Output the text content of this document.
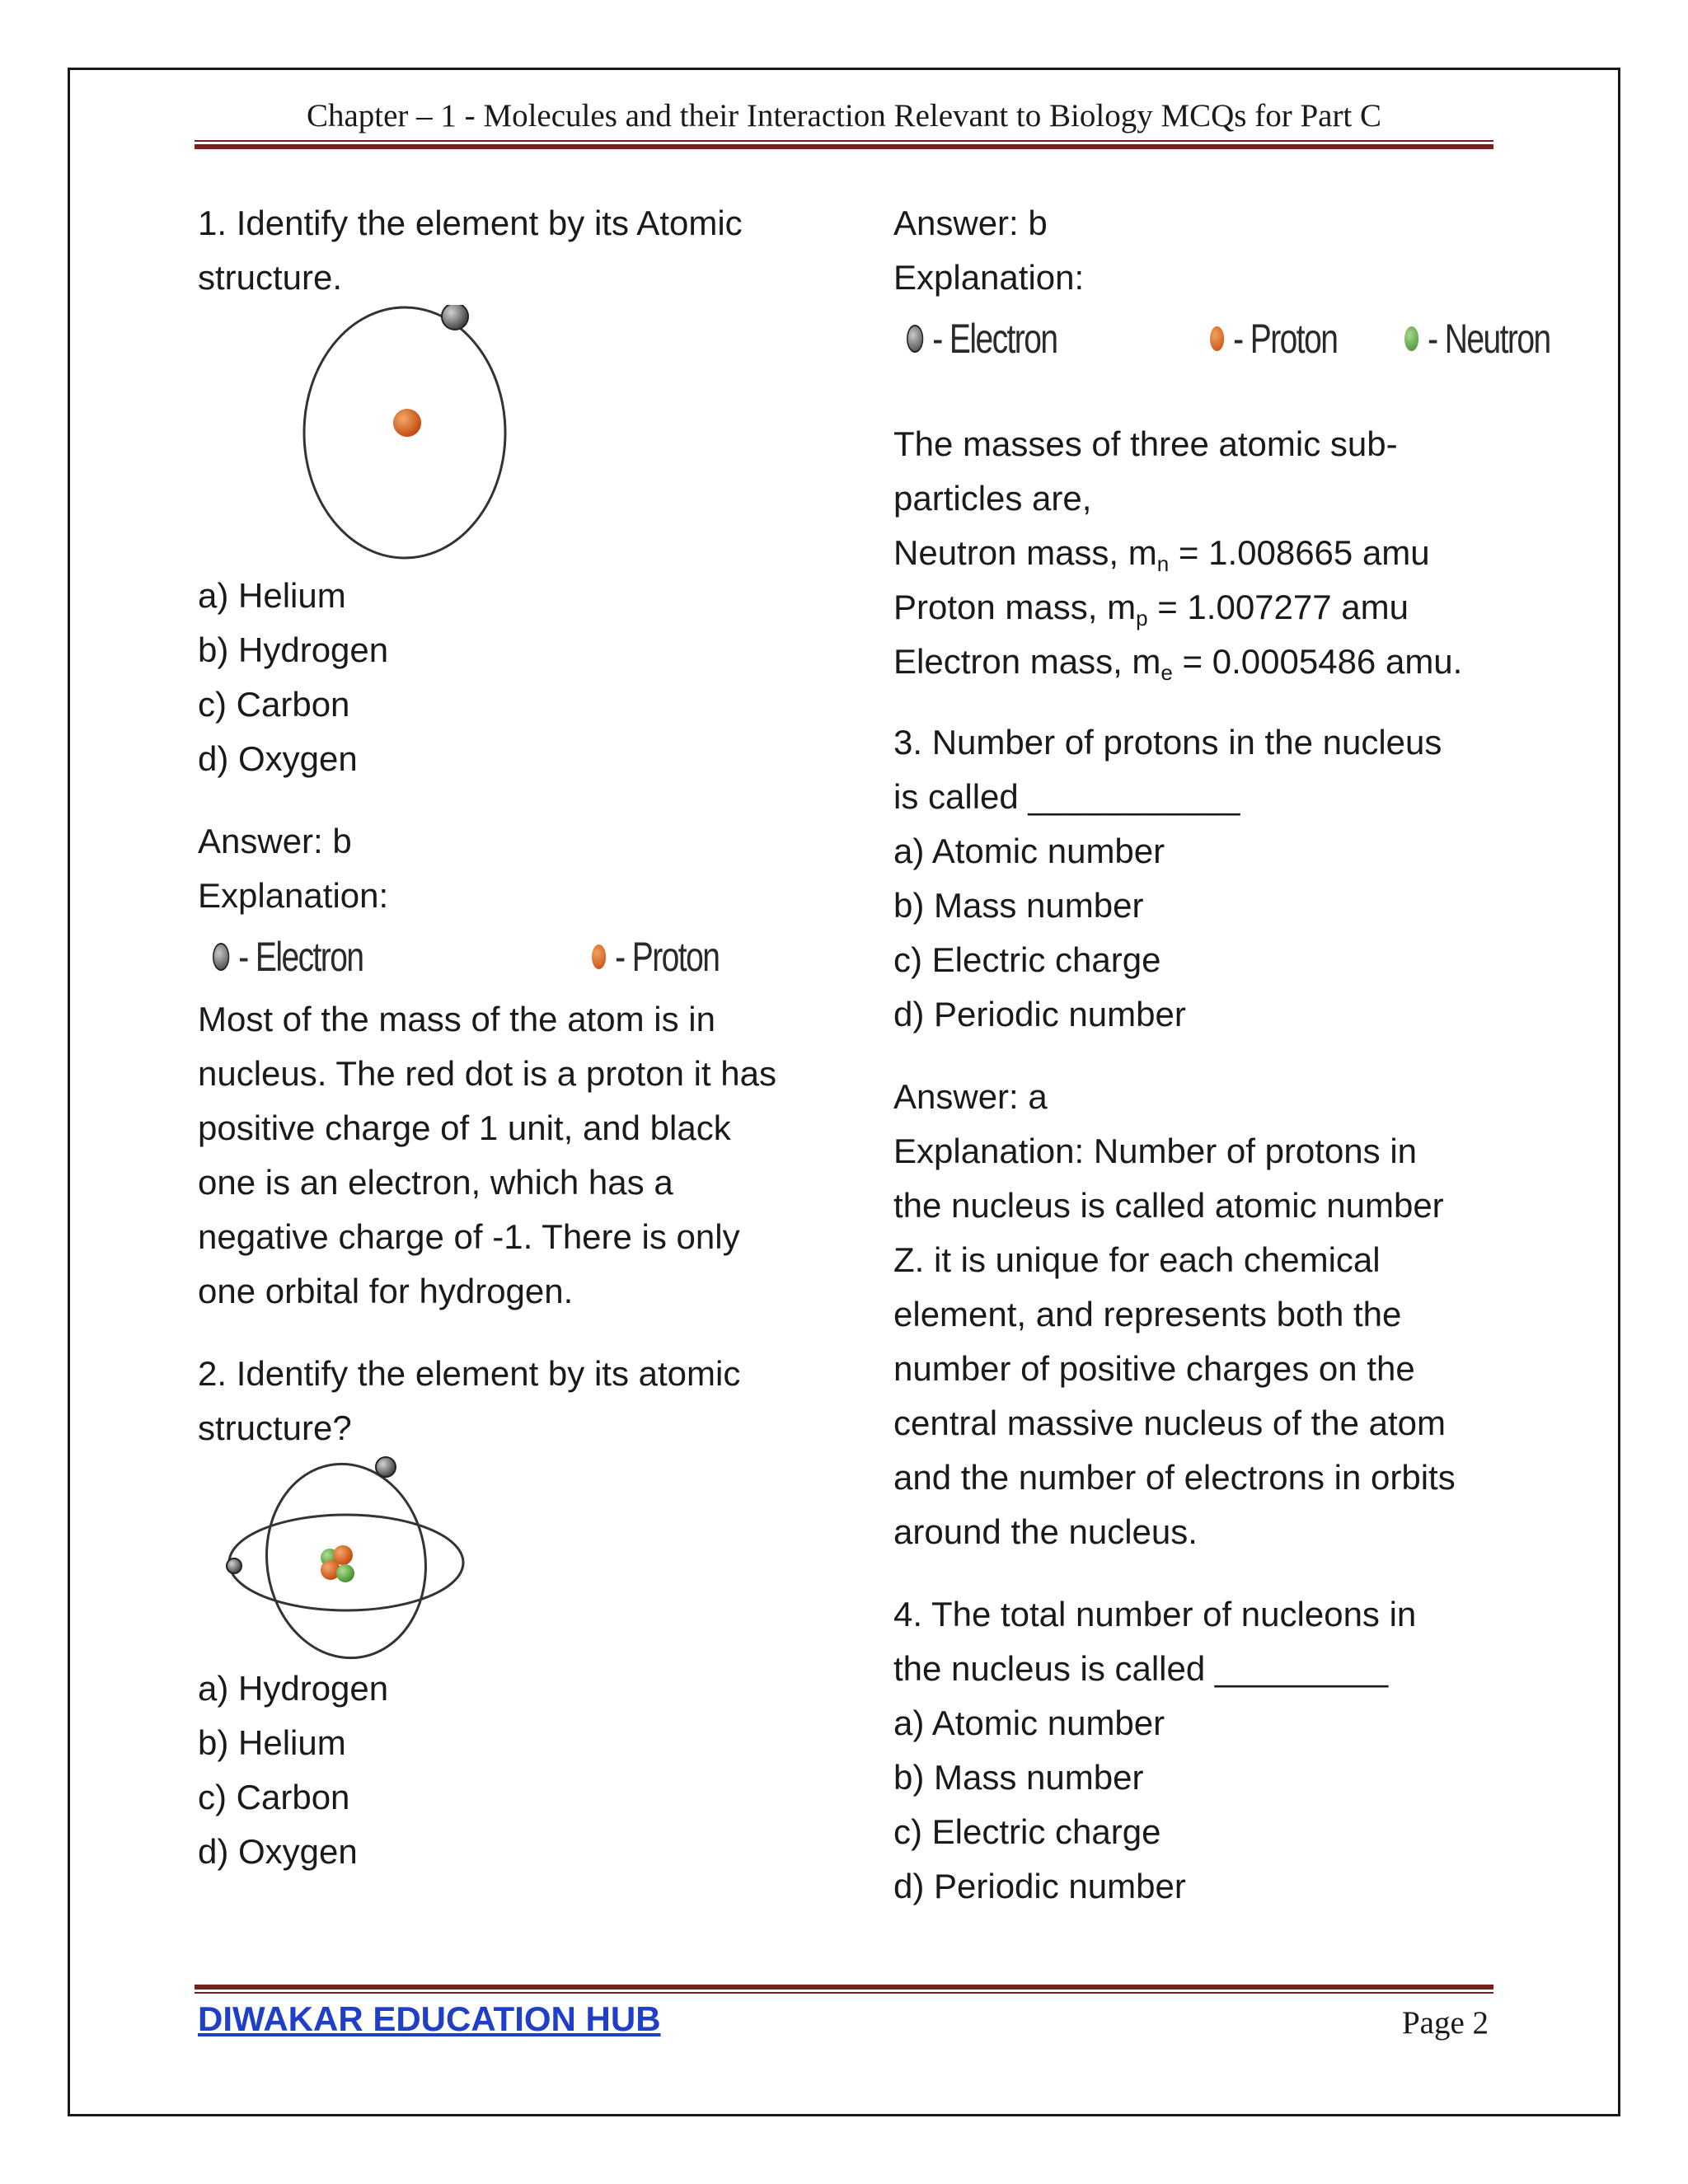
Chapter – 1 - Molecules and their Interaction Relevant to Biology MCQs for Part C

1. Identify the element by its Atomic

structure.

a) Helium

b) Hydrogen

c) Carbon

d) Oxygen

Answer: b

Explanation:

- Electron	- Proton

Most of the mass of the atom is in

nucleus. The red dot is a proton it has

positive charge of 1 unit, and black

one is an electron, which has a

negative charge of -1. There is only

one orbital for hydrogen.

2. Identify the element by its atomic

structure?

a) Hydrogen

b) Helium

c) Carbon

d) Oxygen

Answer: b

Explanation:

- Electron	- Proton - Neutron

The masses of three atomic sub-

particles are,

Neutron mass, $m_n = 1.008665$ amu

Proton mass, $m_p = 1.007277$ amu

Electron mass, $m_e = 0.0005486$ amu.

3. Number of protons in the nucleus

is called ___________

a) Atomic number

b) Mass number

c) Electric charge

d) Periodic number

Answer: a

Explanation: Number of protons in

the nucleus is called atomic number

Z. it is unique for each chemical

element, and represents both the

number of positive charges on the

central massive nucleus of the atom

and the number of electrons in orbits

around the nucleus.

4. The total number of nucleons in

the nucleus is called _________

a) Atomic number

b) Mass number

c) Electric charge

d) Periodic number

DIWAKAR EDUCATION HUB	Page 2
